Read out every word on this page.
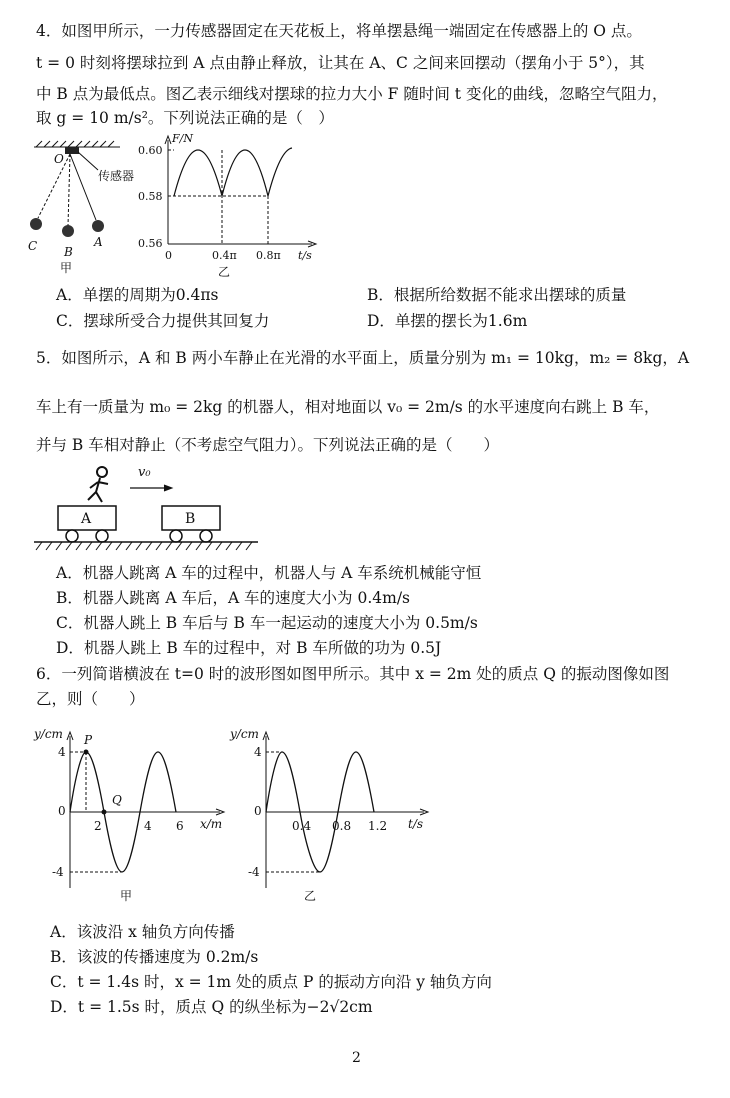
4．如图甲所示，一力传感器固定在天花板上，将单摆悬绳一端固定在传感器上的 O 点。
t = 0 时刻将摆球拉到 A 点由静止释放，让其在 A、C 之间来回摆动（摆角小于 5°），其
中 B 点为最低点。图乙表示细线对摆球的拉力大小 F 随时间 t 变化的曲线，忽略空气阻力，
取 g = 10 m/s²。下列说法正确的是（　）
传感器
O
C B
A
甲
F/N
t/s
0.60
0.58
0.56
0	0.4π 0.8π
乙
A．单摆的周期为0.4πs	B．根据所给数据不能求出摆球的质量
C．摆球所受合力提供其回复力	D．单摆的摆长为1.6m
5．如图所示，A 和 B 两小车静止在光滑的水平面上，质量分别为 m₁ = 10kg，m₂ = 8kg，A
车上有一质量为 m₀ = 2kg 的机器人，相对地面以 v₀ = 2m/s 的水平速度向右跳上 B 车，
并与 B 车相对静止（不考虑空气阻力）。下列说法正确的是（　　）
v₀
A	B
A．机器人跳离 A 车的过程中，机器人与 A 车系统机械能守恒
B．机器人跳离 A 车后，A 车的速度大小为 0.4m/s
C．机器人跳上 B 车后与 B 车一起运动的速度大小为 0.5m/s
D．机器人跳上 B 车的过程中，对 B 车所做的功为 0.5J
6．一列简谐横波在 t=0 时的波形图如图甲所示。其中 x = 2m 处的质点 Q 的振动图像如图
乙，则（　　）
y/cm
x/m
4
-4
0
2	4 6
P
Q
甲
y/cm
t/s
4
-4
0
0.4 0.8 1.2
乙
A．该波沿 x 轴负方向传播
B．该波的传播速度为 0.2m/s
C．t = 1.4s 时，x = 1m 处的质点 P 的振动方向沿 y 轴负方向
D．t = 1.5s 时，质点 Q 的纵坐标为−2√2cm
2
